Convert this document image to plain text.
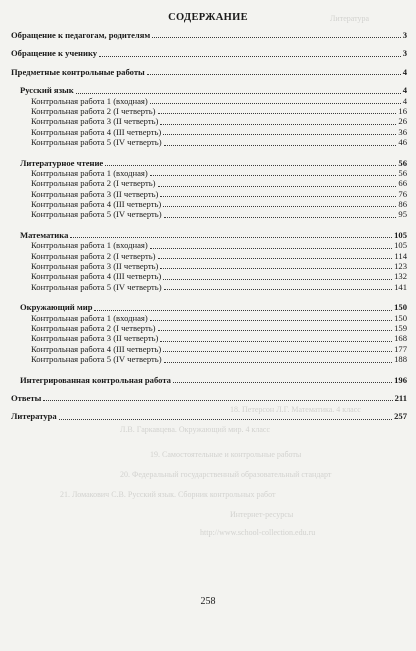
Литература
18. Петерсон Л.Г. Математика. 4 класс
Л.В. Гаркавцева. Окружающий мир. 4 класс
19. Самостоятельные и контрольные работы
20. Федеральный государственный образовательный стандарт
21. Ломакович С.В. Русский язык. Сборник контрольных работ
Интернет-ресурсы
http://www.school-collection.edu.ru
СОДЕРЖАНИЕ
Обращение к педагогам, родителям	3
Обращение к ученику	3
Предметные контрольные работы	4
Русский язык	4
Контрольная работа 1 (входная)	4
Контрольная работа 2 (I четверть)	16
Контрольная работа 3 (II четверть)	26
Контрольная работа 4 (III четверть)	36
Контрольная работа 5 (IV четверть)	46
Литературное чтение	56
Контрольная работа 1 (входная)	56
Контрольная работа 2 (I четверть)	66
Контрольная работа 3 (II четверть)	76
Контрольная работа 4 (III четверть)	86
Контрольная работа 5 (IV четверть)	95
Математика	105
Контрольная работа 1 (входная)	105
Контрольная работа 2 (I четверть)	114
Контрольная работа 3 (II четверть)	123
Контрольная работа 4 (III четверть)	132
Контрольная работа 5 (IV четверть)	141
Окружающий мир	150
Контрольная работа 1 (входная)	150
Контрольная работа 2 (I четверть)	159
Контрольная работа 3 (II четверть)	168
Контрольная работа 4 (III четверть)	177
Контрольная работа 5 (IV четверть)	188
Интегрированная контрольная работа	196
Ответы	211
Литература	257
258
